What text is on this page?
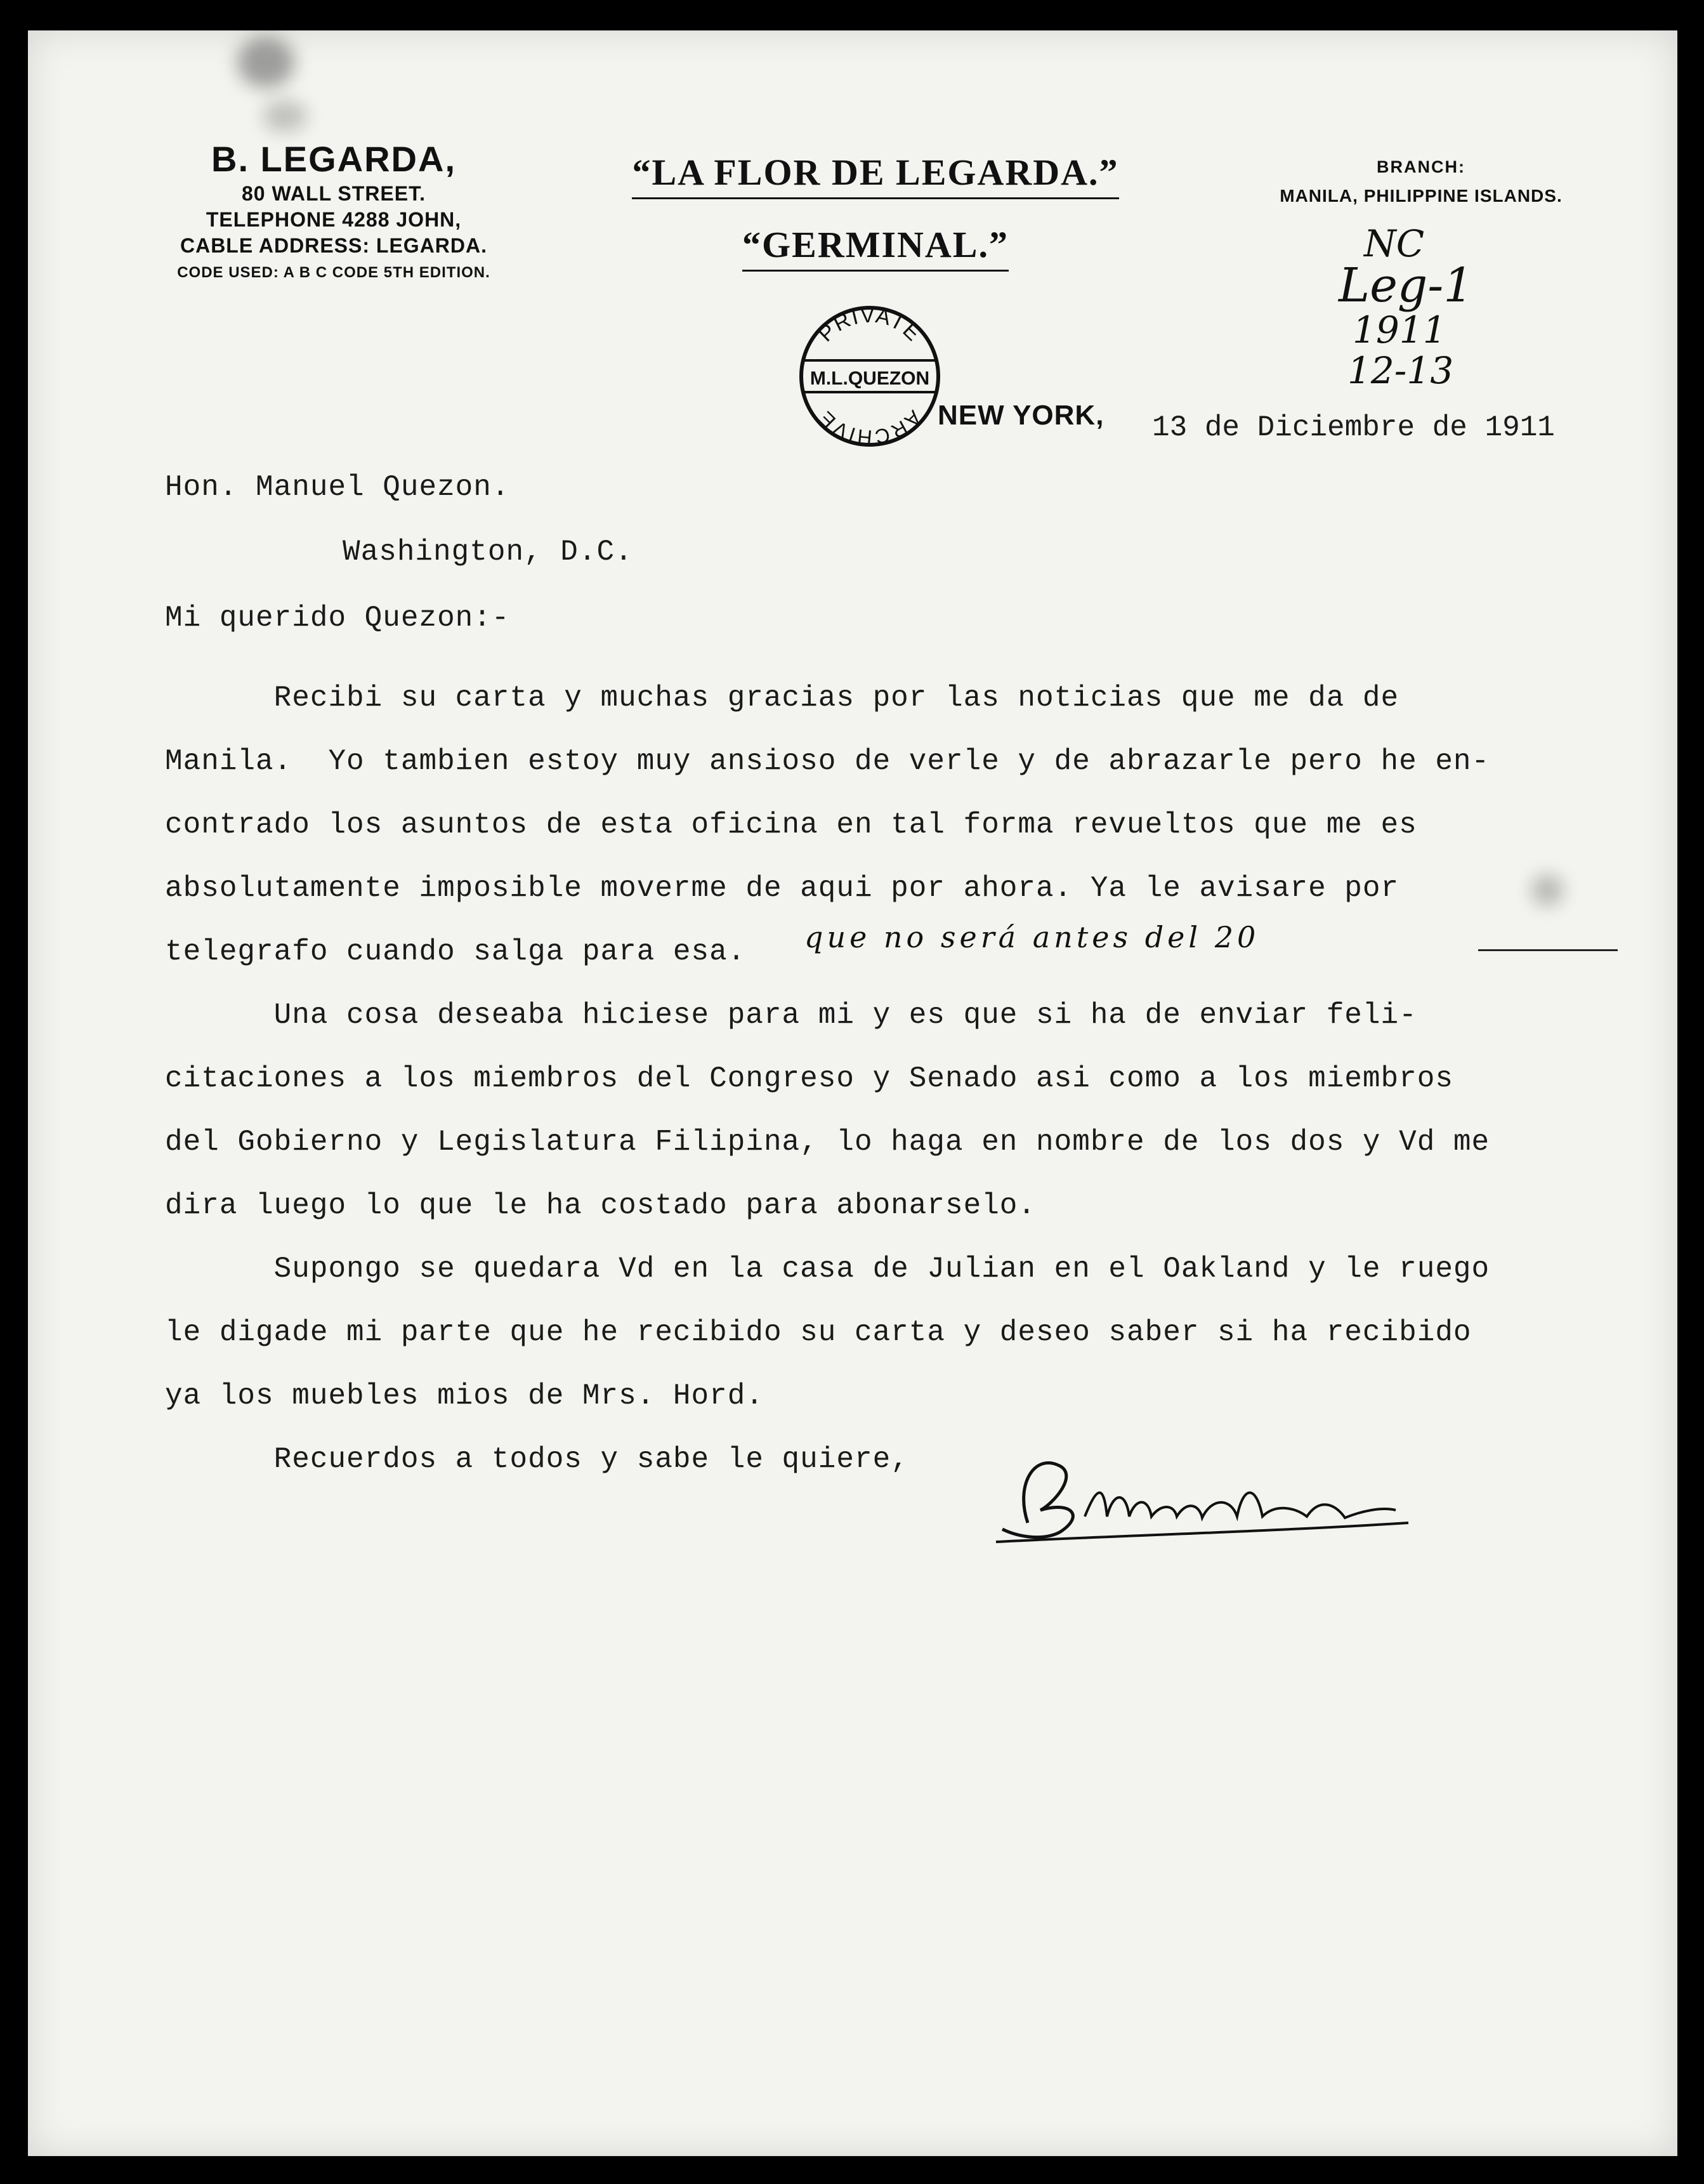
B. LEGARDA,

80 WALL STREET.

TELEPHONE 4288 JOHN,

CABLE ADDRESS: LEGARDA.

CODE USED: A B C CODE 5TH EDITION.

“LA FLOR DE LEGARDA.”
“GERMINAL.”
BRANCH:
MANILA, PHILIPPINE ISLANDS.
NC
Leg-1
1911
12-13
PRIVATE
M.L.QUEZON
ARCHIVE	NEW YORK, 13 de Diciembre de 1911
Hon. Manuel Quezon.
Washington, D.C.
Mi querido Quezon:-
Recibi su carta y muchas gracias por las noticias que me da de
Manila.  Yo tambien estoy muy ansioso de verle y de abrazarle pero he en-
contrado los asuntos de esta oficina en tal forma revueltos que me es
absolutamente imposible moverme de aqui por ahora. Ya le avisare por
telegrafo cuando salga para esa.
Una cosa deseaba hiciese para mi y es que si ha de enviar feli-
citaciones a los miembros del Congreso y Senado asi como a los miembros
del Gobierno y Legislatura Filipina, lo haga en nombre de los dos y Vd me
dira luego lo que le ha costado para abonarselo.
Supongo se quedara Vd en la casa de Julian en el Oakland y le ruego
le digade mi parte que he recibido su carta y deseo saber si ha recibido
ya los muebles mios de Mrs. Hord.
Recuerdos a todos y sabe le quiere,
que no será antes del 20
